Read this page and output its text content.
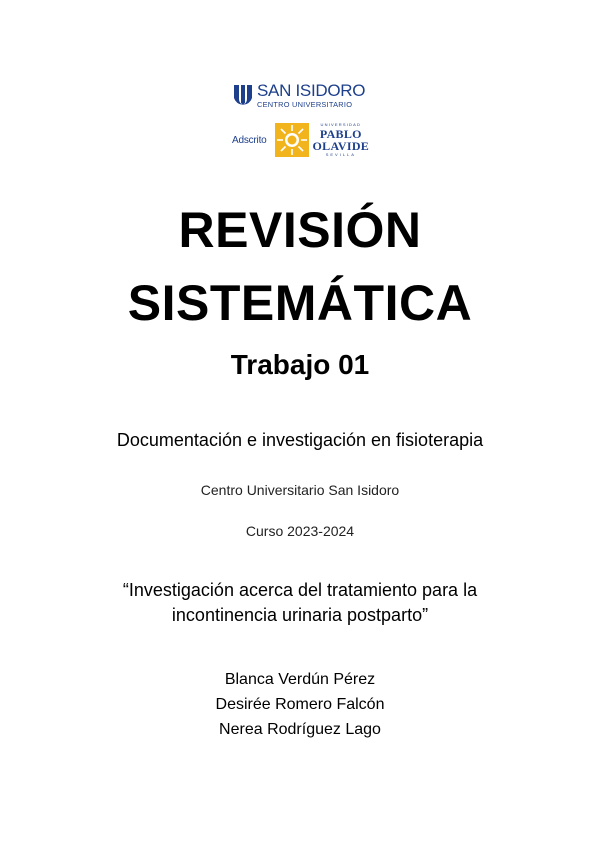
SAN ISIDORO
CENTRO UNIVERSITARIO
Adscrito
UNIVERSIDAD
PABLO
OLAVIDE
SEVILLA
REVISIÓN
SISTEMÁTICA
Trabajo 01
Documentación e investigación en fisioterapia
Centro Universitario San Isidoro
Curso 2023-2024
“Investigación acerca del tratamiento para la incontinencia urinaria postparto”
Blanca Verdún Pérez
Desirée Romero Falcón
Nerea Rodríguez Lago
